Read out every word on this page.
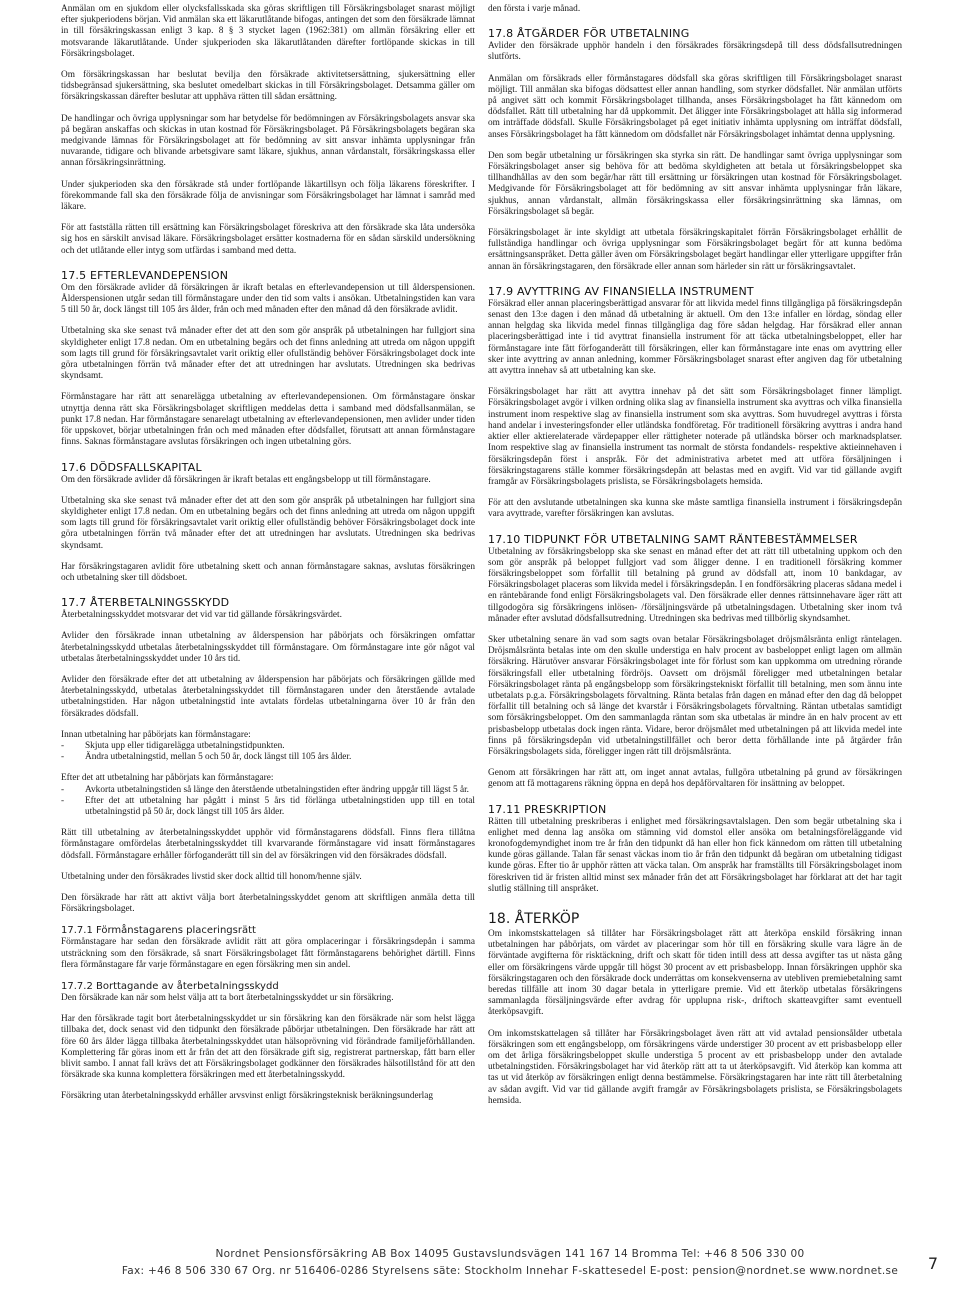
Anmälan om en sjukdom eller olycksfallsskada ska göras skriftligen till Försäkringsbolaget snarast möjligt efter sjukperiodens början. Vid anmälan ska ett läkarutlåtande bifogas, antingen det som den försäkrade lämnat in till försäkringskassan enligt 3 kap. 8 § 3 stycket lagen (1962:381) om allmän försäkring eller ett motsvarande läkarutlåtande. Under sjukperioden ska läkarutlåtanden därefter fortlöpande skickas in till Försäkringsbolaget.

Om försäkringskassan har beslutat bevilja den försäkrade aktivitetsersättning, sjukersättning eller tidsbegränsad sjukersättning, ska beslutet omedelbart skickas in till Försäkringsbolaget. Detsamma gäller om försäkringskassan därefter beslutar att upphäva rätten till sådan ersättning.

De handlingar och övriga upplysningar som har betydelse för bedömningen av Försäkringsbolagets ansvar ska på begäran anskaffas och skickas in utan kostnad för Försäkringsbolaget. På Försäkringsbolagets begäran ska medgivande lämnas för Försäkringsbolaget att för bedömning av sitt ansvar inhämta upplysningar från nuvarande, tidigare och blivande arbetsgivare samt läkare, sjukhus, annan vårdanstalt, försäkringskassa eller annan försäkringsinrättning.

Under sjukperioden ska den försäkrade stå under fortlöpande läkartillsyn och följa läkarens föreskrifter. I förekommande fall ska den försäkrade följa de anvisningar som Försäkringsbolaget har lämnat i samråd med läkare.

För att fastställa rätten till ersättning kan Försäkringsbolaget föreskriva att den försäkrade ska låta undersöka sig hos en särskilt anvisad läkare. Försäkringsbolaget ersätter kostnaderna för en sådan särskild undersökning och det utlåtande eller intyg som utfärdas i samband med detta.

17.5 EFTERLEVANDEPENSION

Om den försäkrade avlider då försäkringen är ikraft betalas en efterlevandepension ut till ålderspensionen. Ålderspensionen utgår sedan till förmånstagare under den tid som valts i ansökan. Utbetalningstiden kan vara 5 till 50 år, dock längst till 105 års ålder, från och med månaden efter den månad då den försäkrade avlidit.

Utbetalning ska ske senast två månader efter det att den som gör anspråk på utbetalningen har fullgjort sina skyldigheter enligt 17.8 nedan. Om en utbetalning begärs och det finns anledning att utreda om någon uppgift som lagts till grund för försäkringsavtalet varit oriktig eller ofullständig behöver Försäkringsbolaget dock inte göra utbetalningen förrän två månader efter det att utredningen har avslutats. Utredningen ska bedrivas skyndsamt.

Förmånstagare har rätt att senarelägga utbetalning av efterlevandepensionen. Om förmånstagare önskar utnyttja denna rätt ska Försäkringsbolaget skriftligen meddelas detta i samband med dödsfallsanmälan, se punkt 17.8 nedan. Har förmånstagare senarelagt utbetalning av efterlevandepensionen, men avlider under tiden för uppskovet, börjar utbetalningen från och med månaden efter dödsfallet, förutsatt att annan förmånstagare finns. Saknas förmånstagare avslutas försäkringen och ingen utbetalning görs.

17.6 DÖDSFALLSKAPITAL

Om den försäkrade avlider då försäkringen är ikraft betalas ett engångsbelopp ut till förmånstagare.

Utbetalning ska ske senast två månader efter det att den som gör anspråk på utbetalningen har fullgjort sina skyldigheter enligt 17.8 nedan. Om en utbetalning begärs och det finns anledning att utreda om någon uppgift som lagts till grund för försäkringsavtalet varit oriktig eller ofullständig behöver Försäkringsbolaget dock inte göra utbetalningen förrän två månader efter det att utredningen har avslutats. Utredningen ska bedrivas skyndsamt.

Har försäkringstagaren avlidit före utbetalning skett och annan förmånstagare saknas, avslutas försäkringen och utbetalning sker till dödsboet.

17.7 ÅTERBETALNINGSSKYDD

Återbetalningsskyddet motsvarar det vid var tid gällande försäkringsvärdet.

Avlider den försäkrade innan utbetalning av ålderspension har påbörjats och försäkringen omfattar återbetalningsskydd utbetalas återbetalningsskyddet till förmånstagare. Om förmånstagare inte gör något val utbetalas återbetalningsskyddet under 10 års tid.

Avlider den försäkrade efter det att utbetalning av ålderspension har påbörjats och försäkringen gällde med återbetalningsskydd, utbetalas återbetalningsskyddet till förmånstagaren under den återstående avtalade utbetalningstiden. Har någon utbetalningstid inte avtalats fördelas utbetalningarna över 10 år från den försäkrades dödsfall.

Innan utbetalning har påbörjats kan förmånstagare:

- Skjuta upp eller tidigarelägga utbetalningstidpunkten.

- Ändra utbetalningstid, mellan 5 och 50 år, dock längst till 105 års ålder.

Efter det att utbetalning har påbörjats kan förmånstagare:

- Avkorta utbetalningstiden så länge den återstående utbetalningstiden efter ändring uppgår till lägst 5 år.

- Efter det att utbetalning har pågått i minst 5 års tid förlänga utbetalningstiden upp till en total utbetalningstid på 50 år, dock längst till 105 års ålder.

Rätt till utbetalning av återbetalningsskyddet upphör vid förmånstagarens dödsfall. Finns flera tillåtna förmånstagare omfördelas återbetalningsskyddet till kvarvarande förmånstagare vid insatt förmånstagares dödsfall. Förmånstagare erhåller förfoganderätt till sin del av försäkringen vid den försäkrades dödsfall.

Utbetalning under den försäkrades livstid sker dock alltid till honom/henne själv.

Den försäkrade har rätt att aktivt välja bort återbetalningsskyddet genom att skriftligen anmäla detta till Försäkringsbolaget.

17.7.1 Förmånstagarens placeringsrätt

Förmånstagare har sedan den försäkrade avlidit rätt att göra omplaceringar i försäkringsdepån i samma utsträckning som den försäkrade, så snart Försäkringsbolaget fått förmånstagarens behörighet därtill. Finns flera förmånstagare får varje förmånstagare en egen försäkring men sin andel.

17.7.2 Borttagande av återbetalningsskydd

Den försäkrade kan när som helst välja att ta bort återbetalningsskyddet ur sin försäkring.

Har den försäkrade tagit bort återbetalningsskyddet ur sin försäkring kan den försäkrade när som helst lägga tillbaka det, dock senast vid den tidpunkt den försäkrade påbörjar utbetalningen. Den försäkrade har rätt att före 60 års ålder lägga tillbaka återbetalningsskyddet utan hälsoprövning vid förändrade familjeförhållanden. Komplettering får göras inom ett år från det att den försäkrade gift sig, registrerat partnerskap, fått barn eller blivit sambo. I annat fall krävs det att Försäkringsbolaget godkänner den försäkrades hälsotillstånd för att den försäkrade ska kunna komplettera försäkringen med ett återbetalningsskydd.

Försäkring utan återbetalningsskydd erhåller arvsvinst enligt försäkringsteknisk beräkningsunderlag

den första i varje månad.

17.8 ÅTGÄRDER FÖR UTBETALNING

Avlider den försäkrade upphör handeln i den försäkrades försäkringsdepå till dess dödsfallsutredningen slutförts.

Anmälan om försäkrads eller förmånstagares dödsfall ska göras skriftligen till Försäkringsbolaget snarast möjligt. Till anmälan ska bifogas dödsattest eller annan handling, som styrker dödsfallet. När anmälan utförts på angivet sätt och kommit Försäkringsbolaget tillhanda, anses Försäkringsbolaget ha fått kännedom om dödsfallet. Rätt till utbetalning har då uppkommit. Det åligger inte Försäkringsbolaget att hålla sig informerad om inträffade dödsfall. Skulle Försäkringsbolaget på eget initiativ inhämta upplysning om inträffat dödsfall, anses Försäkringsbolaget ha fått kännedom om dödsfallet när Försäkringsbolaget inhämtat denna upplysning.

Den som begär utbetalning ur försäkringen ska styrka sin rätt. De handlingar samt övriga upplysningar som Försäkringsbolaget anser sig behöva för att bedöma skyldigheten att betala ut försäkringsbeloppet ska tillhandhållas av den som begär/har rätt till ersättning ur försäkringen utan kostnad för Försäkringsbolaget. Medgivande för Försäkringsbolaget att för bedömning av sitt ansvar inhämta upplysningar från läkare, sjukhus, annan vårdanstalt, allmän försäkringskassa eller försäkringsinrättning ska lämnas, om Försäkringsbolaget så begär.

Försäkringsbolaget är inte skyldigt att utbetala försäkringskapitalet förrän Försäkringsbolaget erhållit de fullständiga handlingar och övriga upplysningar som Försäkringsbolaget begärt för att kunna bedöma ersättningsanspråket. Detta gäller även om Försäkringsbolaget begärt handlingar eller ytterligare uppgifter från annan än försäkringstagaren, den försäkrade eller annan som härleder sin rätt ur försäkringsavtalet.

17.9 AVYTTRING AV FINANSIELLA INSTRUMENT

Försäkrad eller annan placeringsberättigad ansvarar för att likvida medel finns tillgängliga på försäkringsdepån senast den 13:e dagen i den månad då utbetalning är aktuell. Om den 13:e infaller en lördag, söndag eller annan helgdag ska likvida medel finnas tillgängliga dag före sådan helgdag. Har försäkrad eller annan placeringsberättigad inte i tid avyttrat finansiella instrument för att täcka utbetalningsbeloppet, eller har förmånstagare inte fått förfoganderätt till försäkringen, eller kan förmånstagare inte enas om avyttring eller sker inte avyttring av annan anledning, kommer Försäkringsbolaget snarast efter angiven dag för utbetalning att avyttra innehav så att utbetalning kan ske.

Försäkringsbolaget har rätt att avyttra innehav på det sätt som Försäkringsbolaget finner lämpligt. Försäkringsbolaget avgör i vilken ordning olika slag av finansiella instrument ska avyttras och vilka finansiella instrument inom respektive slag av finansiella instrument som ska avyttras. Som huvudregel avyttras i första hand andelar i investeringsfonder eller utländska fondföretag. För traditionell försäkring avyttras i andra hand aktier eller aktierelaterade värdepapper eller rättigheter noterade på utländska börser och marknadsplatser. Inom respektive slag av finansiella instrument tas normalt de största fondandels- respektive aktieinnehaven i försäkringsdepån först i anspråk. För det administrativa arbetet med att utföra försäljningen i försäkringstagarens ställe kommer försäkringsdepån att belastas med en avgift. Vid var tid gällande avgift framgår av Försäkringsbolagets prislista, se Försäkringsbolagets hemsida.

För att den avslutande utbetalningen ska kunna ske måste samtliga finansiella instrument i försäkringsdepån vara avyttrade, varefter försäkringen kan avslutas.

17.10 TIDPUNKT FÖR UTBETALNING SAMT RÄNTEBESTÄMMELSER

Utbetalning av försäkringsbelopp ska ske senast en månad efter det att rätt till utbetalning uppkom och den som gör anspråk på beloppet fullgjort vad som åligger denne. I en traditionell försäkring kommer försäkringsbeloppet som förfallit till betalning på grund av dödsfall att, inom 10 bankdagar, av Försäkringsbolaget placeras som likvida medel i försäkringsdepån. I en fondförsäkring placeras sådana medel i en räntebärande fond enligt Försäkringsbolagets val. Den försäkrade eller dennes rättsinnehavare äger rätt att tillgodogöra sig försäkringens inlösen- /försäljningsvärde på utbetalningsdagen. Utbetalning sker inom två månader efter avslutad dödsfallsutredning. Utredningen ska bedrivas med tillbörlig skyndsamhet.

Sker utbetalning senare än vad som sagts ovan betalar Försäkringsbolaget dröjsmålsränta enligt räntelagen. Dröjsmålsränta betalas inte om den skulle understiga en halv procent av basbeloppet enligt lagen om allmän försäkring. Härutöver ansvarar Försäkringsbolaget inte för förlust som kan uppkomma om utredning rörande försäkringsfall eller utbetalning fördröjs. Oavsett om dröjsmål föreligger med utbetalningen betalar Försäkringsbolaget ränta på engångsbelopp som försäkringstekniskt förfallit till betalning, men som ännu inte utbetalats p.g.a. Försäkringsbolagets förvaltning. Ränta betalas från dagen en månad efter den dag då beloppet förfallit till betalning och så länge det kvarstår i Försäkringsbolagets förvaltning. Räntan utbetalas samtidigt som försäkringsbeloppet. Om den sammanlagda räntan som ska utbetalas är mindre än en halv procent av ett prisbasbelopp utbetalas dock ingen ränta. Vidare, beror dröjsmålet med utbetalningen på att likvida medel inte finns på försäkringsdepån vid utbetalningstillfället och beror detta förhållande inte på åtgärder från Försäkringsbolagets sida, föreligger ingen rätt till dröjsmålsränta.

Genom att försäkringen har rätt att, om inget annat avtalas, fullgöra utbetalning på grund av försäkringen genom att få mottagarens räkning öppna en depå hos depåförvaltaren för insättning av beloppet.

17.11 PRESKRIPTION

Rätten till utbetalning preskriberas i enlighet med försäkringsavtalslagen. Den som begär utbetalning ska i enlighet med denna lag ansöka om stämning vid domstol eller ansöka om betalningsföreläggande vid kronofogdemyndighet inom tre år från den tidpunkt då han eller hon fick kännedom om rätten till utbetalning kunde göras gällande. Talan får senast väckas inom tio år från den tidpunkt då begäran om utbetalning tidigast kunde göras. Efter tio år upphör rätten att väcka talan. Om anspråk har framställts till Försäkringsbolaget inom föreskriven tid är fristen alltid minst sex månader från det att Försäkringsbolaget har förklarat att det har tagit slutlig ställning till anspråket.

18. ÅTERKÖP

Om inkomstskattelagen så tillåter har Försäkringsbolaget rätt att återköpa enskild försäkring innan utbetalningen har påbörjats, om värdet av placeringar som hör till en försäkring skulle vara lägre än de förväntade avgifterna för risktäckning, drift och skatt för tiden intill dess att dessa avgifter tas ut nästa gång eller om försäkringens värde uppgår till högst 30 procent av ett prisbasbelopp. Innan försäkringen upphör ska försäkringstagaren och den försäkrade dock underrättas om konsekvenserna av utebliven premiebetalning samt beredas tillfälle att inom 30 dagar betala in ytterligare premie. Vid ett återköp utbetalas försäkringens sammanlagda försäljningsvärde efter avdrag för upplupna risk-, driftoch skatteavgifter samt eventuell återköpsavgift.

Om inkomstskattelagen så tillåter har Försäkringsbolaget även rätt att vid avtalad pensionsålder utbetala försäkringen som ett engångsbelopp, om försäkringens värde understiger 30 procent av ett prisbasbelopp eller om det årliga försäkringsbeloppet skulle understiga 5 procent av ett prisbasbelopp under den avtalade utbetalningstiden. Försäkringsbolaget har vid återköp rätt att ta ut återköpsavgift. Vid återköp kan komma att tas ut vid återköp av försäkringen enligt denna bestämmelse. Försäkringstagaren har inte rätt till återbetalning av sådan avgift. Vid var tid gällande avgift framgår av Försäkringsbolagets prislista, se Försäkringsbolagets hemsida.

Nordnet Pensionsförsäkring AB Box 14095 Gustavslundsvägen 141 167 14 Bromma Tel: +46 8 506 330 00
Fax: +46 8 506 330 67 Org. nr 516406-0286 Styrelsens säte: Stockholm Innehar F-skattesedel E-post: pension@nordnet.se www.nordnet.se	7
